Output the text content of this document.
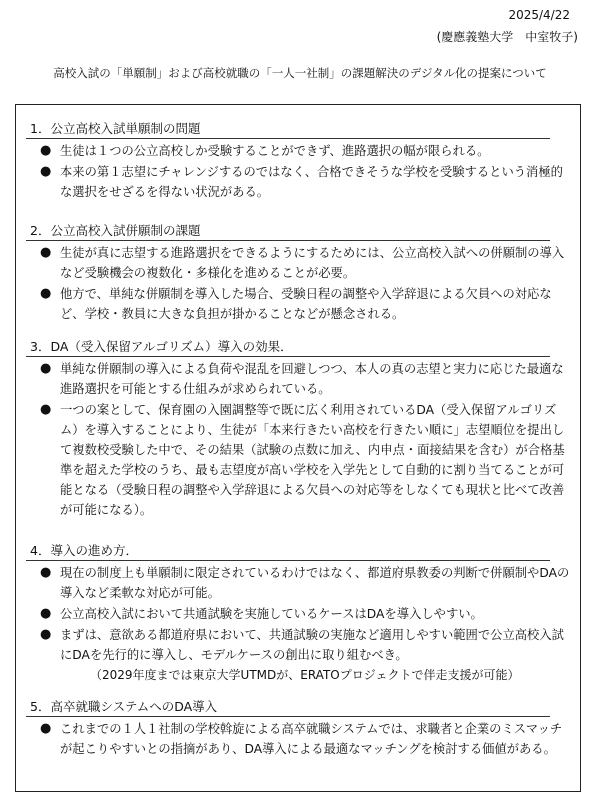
2025/4/22
(慶應義塾大学　中室牧子)
高校入試の「単願制」および高校就職の「一人一社制」の課題解決のデジタル化の提案について
1．公立高校入試単願制の問題
● 生徒は１つの公立高校しか受験することができず、進路選択の幅が限られる。
● 本来の第１志望にチャレンジするのではなく、合格できそうな学校を受験するという消極的な選択をせざるを得ない状況がある。
2．公立高校入試併願制の課題
● 生徒が真に志望する進路選択をできるようにするためには、公立高校入試への併願制の導入など受験機会の複数化・多様化を進めることが必要。
● 他方で、単純な併願制を導入した場合、受験日程の調整や入学辞退による欠員への対応など、学校・教員に大きな負担が掛かることなどが懸念される。
3．DA（受入保留アルゴリズム）導入の効果．
● 単純な併願制の導入による負荷や混乱を回避しつつ、本人の真の志望と実力に応じた最適な進路選択を可能とする仕組みが求められている。
● 一つの案として、保育園の入園調整等で既に広く利用されているDA（受入保留アルゴリズム）を導入することにより、生徒が「本来行きたい高校を行きたい順に」志望順位を提出して複数校受験した中で、その結果（試験の点数に加え、内申点・面接結果を含む）が合格基準を超えた学校のうち、最も志望度が高い学校を入学先として自動的に割り当てることが可能となる（受験日程の調整や入学辞退による欠員への対応等をしなくても現状と比べて改善が可能になる）。
4．導入の進め方．
● 現在の制度上も単願制に限定されているわけではなく、都道府県教委の判断で併願制やDAの導入など柔軟な対応が可能。
● 公立高校入試において共通試験を実施しているケースはDAを導入しやすい。
● まずは、意欲ある都道府県において、共通試験の実施など適用しやすい範囲で公立高校入試にDAを先行的に導入し、モデルケースの創出に取り組むべき。
（2029年度までは東京大学UTMDが、ERATOプロジェクトで伴走支援が可能）
5．高卒就職システムへのDA導入
● これまでの１人１社制の学校斡旋による高卒就職システムでは、求職者と企業のミスマッチが起こりやすいとの指摘があり、DA導入による最適なマッチングを検討する価値がある。
